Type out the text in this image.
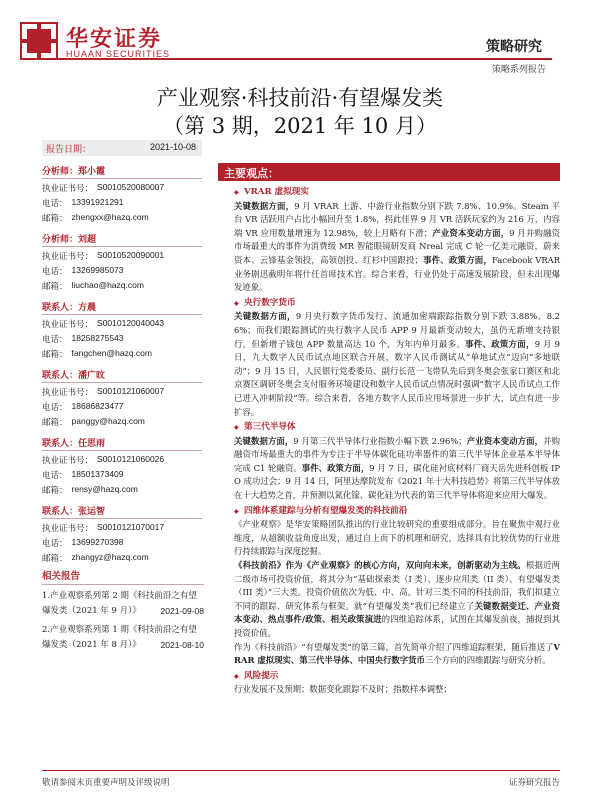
华安证券
HUAAN SECURITIES	策略研究
策略系列报告
产业观察·科技前沿·有望爆发类
（第 3 期，2021 年 10 月）
报告日期：	2021-10-08
分析师：郑小霞
执业证书号： S0010520080007
电话： 13391921291
邮箱： zhengxx@hazq.com
分析师：刘超
执业证书号： S0010520090001
电话： 13269985073
邮箱： liuchao@hazq.com
联系人：方晨
执业证书号： S0010120040043
电话： 18258275543
邮箱： fangchen@hazq.com
联系人：潘广旼
执业证书号： S0010121060007
电话： 18686823477
邮箱： panggy@hazq.com
联系人：任思雨
执业证书号： S0010121060026
电话： 18501373409
邮箱： rensy@hazq.com
联系人：张运智
执业证书号： S0010121070017
电话： 13699270398
邮箱： zhangyz@hazq.com
相关报告
1.产业观察系列第 2 期《科技前沿之有望爆发类（2021 年 9 月）》 2021-09-08
2.产业观察系列第 1 期《科技前沿之有望爆发类（2021 年 8 月）》 2021-08-10
主要观点：
◆ VRAR 虚拟现实

关键数据方面，9 月 VRAR 上游、中游行业指数分别下跌 7.8%、10.9%。Steam 平台 VR 活跃用户占比小幅回升至 1.8%，拐此佳界 9 月 VR 活跃玩家约为 216 万，内容端 VR 应用数量增速为 12.98%，较上月略有下滑；产业资本变动方面，9 月并购融资市场最重大的事件为消费级 MR 智能眼镜研发商 Nreal 完成 C 轮一亿美元融资，蔚来资本、云锋基金领投，高领创投、红杉中国跟投；事件、政策方面，Facebook VRAR 业务剧迅截明年将什任首席技术官。综合来看，行业仍处于高速发展阶段，但未出现爆发迹象。

◆ 央行数字货币

关键数据方面，9 月央行数字货币发行、流通加密端跟踪指数分别下跌 3.88%、8.26%；而我们跟踪测试的央行数字人民币 APP 9 月最新变动较大，虽仍无新增支持银行，但新增子钱包 APP 数量高达 10 个，为年内单月最多。事件、政策方面，9 月 9 日，九大数字人民币试点地区联合开展，数字人民币测试从“单地试点”迈向“多地联动”；9 月 15 日，人民银行党委委员、副行长范一飞带队先后到冬奥会张家口赛区和北京赛区调研冬奥会支付服务环境建设和数字人民币试点情况时强调“数字人民币试点工作已进入冲刺阶段”等。综合来看，各地方数字人民币应用场景进一步扩大，试点有进一步扩容。

◆ 第三代半导体

关键数据方面，9 月第三代半导体行业指数小幅下跌 2.96%；产业资本变动方面，并购融资市场最重大的事件为专注于半导体碳化硅功率器件的第三代半导体企业基本半导体完成 C1 轮融资。事件、政策方面，9 月 7 日，碳化硅衬底材料厂商天岳先进科创板 IPO 成功过会；9 月 14 日，阿里达摩院发布《2021 年十大科技趋势》将第三代半导体放在十大趋势之首，并预测以氮化镓、碳化硅为代表的第三代半导体将迎来应用大爆发。

◆ 四维体系建踪与分析有望爆发类的科技前沿

《产业观察》是华安策略团队推出的行业比较研究的重要组成部分。旨在聚焦中观行业维度，从超额收益角度出发，通过自上而下的机理和研究，选择具有比较优势的行业进行持续跟踪与深度挖掘。

《科技前沿》作为《产业观察》的核心方向，双向向未来，创新驱动为主线。根据近两二级市场可投资价值，将其分为“基础探索类（I 类）、逐步应用类（II 类）、有望爆发类（III 类）”三大类。投资价值依次为低、中、高。针对三类不同的科技前沿，我们拟建立不同的跟踪、研究体系与框架。就“有望爆发类”我们已经建立了关键数据变迁、产业资本变动、热点事件/政策、相关政策演进的四维追踪体系，试图在其爆发前夜，捕捉到其投资价值。

作为《科技前沿》“有望爆发类”的第三篇，首先简单介绍了四维追踪框架，随后推送了VRAR 虚拟现实、第三代半导体、中国央行数字货币三个方向的四维跟踪与研究分析。

◆ 风险提示

行业发展不及预期；数据变化跟踪不及时；指数样本调整；

敬请参阅末页重要声明及评级说明	证券研究报告
